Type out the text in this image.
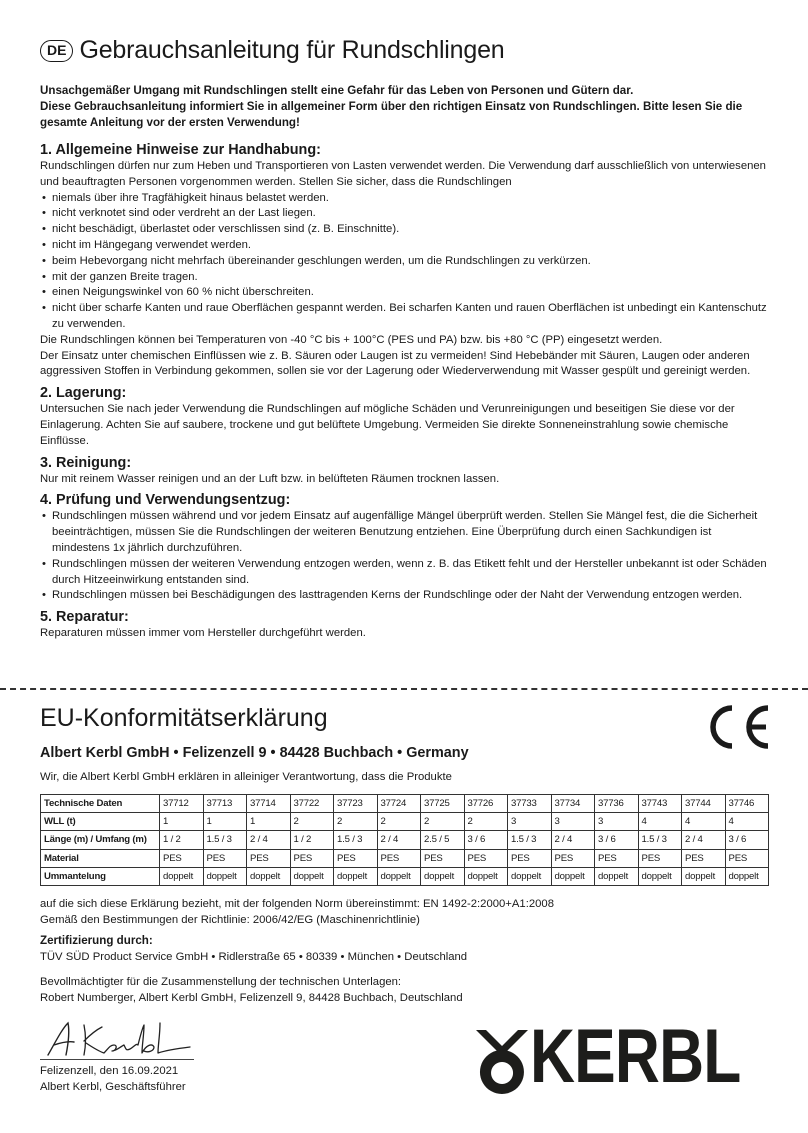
DE Gebrauchsanleitung für Rundschlingen

Unsachgemäßer Umgang mit Rundschlingen stellt eine Gefahr für das Leben von Personen und Gütern dar.

Diese Gebrauchsanleitung informiert Sie in allgemeiner Form über den richtigen Einsatz von Rundschlingen. Bitte lesen Sie die gesamte Anleitung vor der ersten Verwendung!

1. Allgemeine Hinweise zur Handhabung:

Rundschlingen dürfen nur zum Heben und Transportieren von Lasten verwendet werden. Die Verwendung darf ausschließlich von unterwiesenen und beauftragten Personen vorgenommen werden. Stellen Sie sicher, dass die Rundschlingen

• niemals über ihre Tragfähigkeit hinaus belastet werden.
• nicht verknotet sind oder verdreht an der Last liegen.
• nicht beschädigt, überlastet oder verschlissen sind (z. B. Einschnitte).
• nicht im Hängegang verwendet werden.
• beim Hebevorgang nicht mehrfach übereinander geschlungen werden, um die Rundschlingen zu verkürzen.
• mit der ganzen Breite tragen.
• einen Neigungswinkel von 60 % nicht überschreiten.
• nicht über scharfe Kanten und raue Oberflächen gespannt werden. Bei scharfen Kanten und rauen Oberflächen ist unbedingt ein Kantenschutz zu verwenden.

Die Rundschlingen können bei Temperaturen von -40 °C bis + 100°C (PES und PA) bzw. bis +80 °C (PP) eingesetzt werden.

Der Einsatz unter chemischen Einflüssen wie z. B. Säuren oder Laugen ist zu vermeiden! Sind Hebebänder mit Säuren, Laugen oder anderen aggressiven Stoffen in Verbindung gekommen, sollen sie vor der Lagerung oder Wiederverwendung mit Wasser gespült und gereinigt werden.

2. Lagerung:

Untersuchen Sie nach jeder Verwendung die Rundschlingen auf mögliche Schäden und Verunreinigungen und beseitigen Sie diese vor der Einlagerung. Achten Sie auf saubere, trockene und gut belüftete Umgebung. Vermeiden Sie direkte Sonneneinstrahlung sowie chemische Einflüsse.

3. Reinigung:

Nur mit reinem Wasser reinigen und an der Luft bzw. in belüfteten Räumen trocknen lassen.

4. Prüfung und Verwendungsentzug:
• Rundschlingen müssen während und vor jedem Einsatz auf augenfällige Mängel überprüft werden. Stellen Sie Mängel fest, die die Sicherheit beeinträchtigen, müssen Sie die Rundschlingen der weiteren Benutzung entziehen. Eine Überprüfung durch einen Sachkundigen ist mindestens 1x jährlich durchzuführen.
• Rundschlingen müssen der weiteren Verwendung entzogen werden, wenn z. B. das Etikett fehlt und der Hersteller unbekannt ist oder Schäden durch Hitzeeinwirkung entstanden sind.
• Rundschlingen müssen bei Beschädigungen des lasttragenden Kerns der Rundschlinge oder der Naht der Verwendung entzogen werden.
5. Reparatur:

Reparaturen müssen immer vom Hersteller durchgeführt werden.

EU-Konformitätserklärung
Albert Kerbl GmbH • Felizenzell 9 • 84428 Buchbach • Germany
Wir, die Albert Kerbl GmbH erklären in alleiniger Verantwortung, dass die Produkte
Technische Daten	37712	37713	37714	37722	37723	37724	37725	37726	37733	37734	37736	37743	37744	37746
WLL (t)	1	1	1	2	2	2	2	2	3	3	3	4	4	4
Länge (m) / Umfang (m)	1 / 2	1.5 / 3	2 / 4	1 / 2	1.5 / 3	2 / 4	2.5 / 5	3 / 6	1.5 / 3	2 / 4	3 / 6	1.5 / 3	2 / 4	3 / 6
Material	PES	PES	PES	PES	PES	PES	PES	PES	PES	PES	PES	PES	PES	PES
Ummantelung	doppelt	doppelt	doppelt	doppelt	doppelt	doppelt	doppelt	doppelt	doppelt	doppelt	doppelt	doppelt	doppelt	doppelt

auf die sich diese Erklärung bezieht, mit der folgenden Norm übereinstimmt: EN 1492-2:2000+A1:2008

Gemäß den Bestimmungen der Richtlinie: 2006/42/EG (Maschinenrichtlinie)

Zertifizierung durch:
TÜV SÜD Product Service GmbH • Ridlerstraße 65 • 80339 • München • Deutschland

Bevollmächtigter für die Zusammenstellung der technischen Unterlagen:

Robert Numberger, Albert Kerbl GmbH, Felizenzell 9, 84428 Buchbach, Deutschland

Felizenzell, den 16.09.2021

Albert Kerbl, Geschäftsführer	KERBL
